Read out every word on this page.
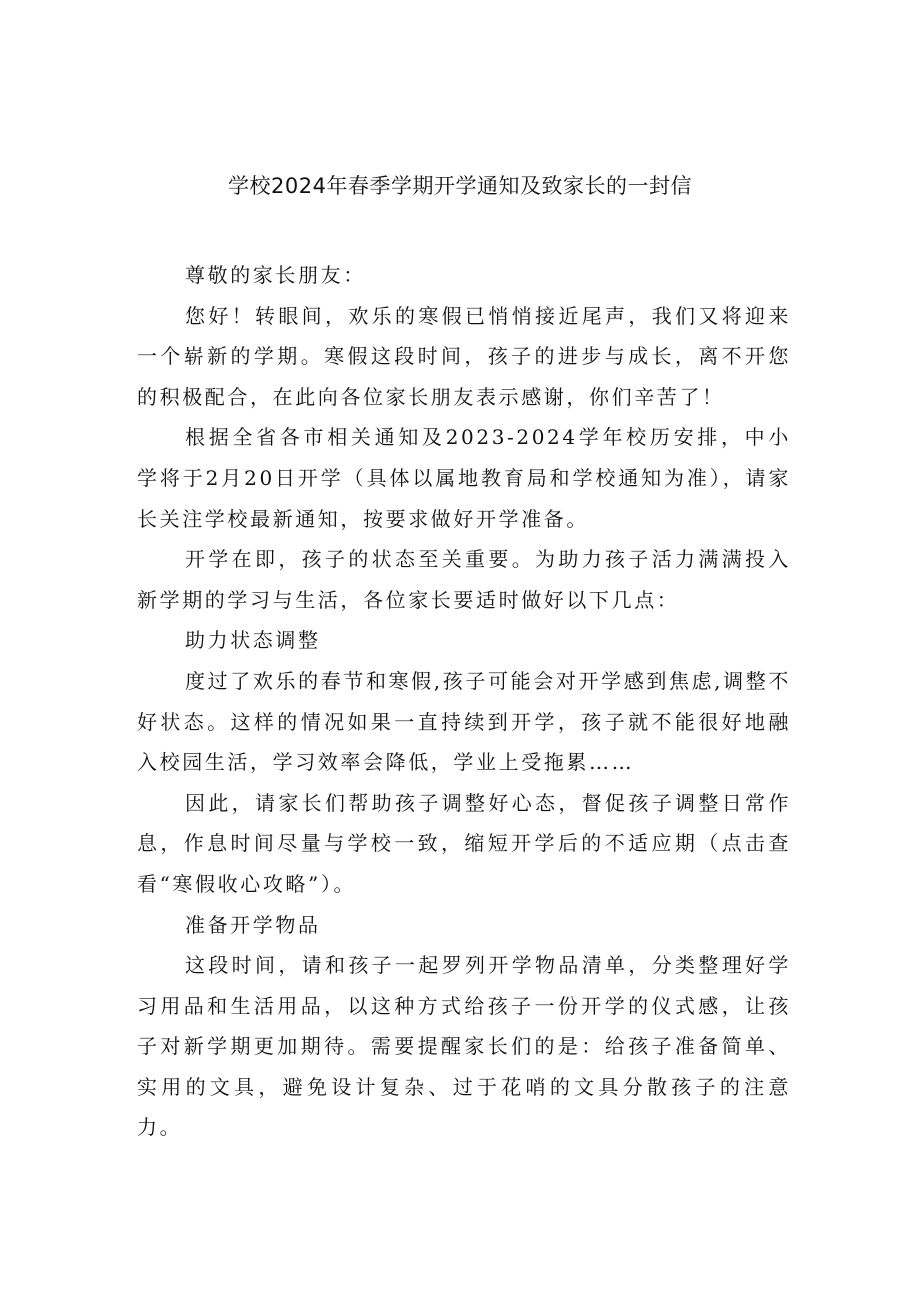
学校2024年春季学期开学通知及致家长的一封信

尊敬的家长朋友：

您好！转眼间，欢乐的寒假已悄悄接近尾声，我们又将迎来一个崭新的学期。寒假这段时间，孩子的进步与成长，离不开您的积极配合，在此向各位家长朋友表示感谢，你们辛苦了！

根据全省各市相关通知及2023-2024学年校历安排，中小学将于2月20日开学（具体以属地教育局和学校通知为准），请家长关注学校最新通知，按要求做好开学准备。

开学在即，孩子的状态至关重要。为助力孩子活力满满投入新学期的学习与生活，各位家长要适时做好以下几点：

助力状态调整

度过了欢乐的春节和寒假,孩子可能会对开学感到焦虑,调整不好状态。这样的情况如果一直持续到开学，孩子就不能很好地融入校园生活，学习效率会降低，学业上受拖累……

因此，请家长们帮助孩子调整好心态，督促孩子调整日常作息，作息时间尽量与学校一致，缩短开学后的不适应期（点击查看“寒假收心攻略”）。

准备开学物品

这段时间，请和孩子一起罗列开学物品清单，分类整理好学习用品和生活用品，以这种方式给孩子一份开学的仪式感，让孩子对新学期更加期待。需要提醒家长们的是：给孩子准备简单、实用的文具，避免设计复杂、过于花哨的文具分散孩子的注意力。
